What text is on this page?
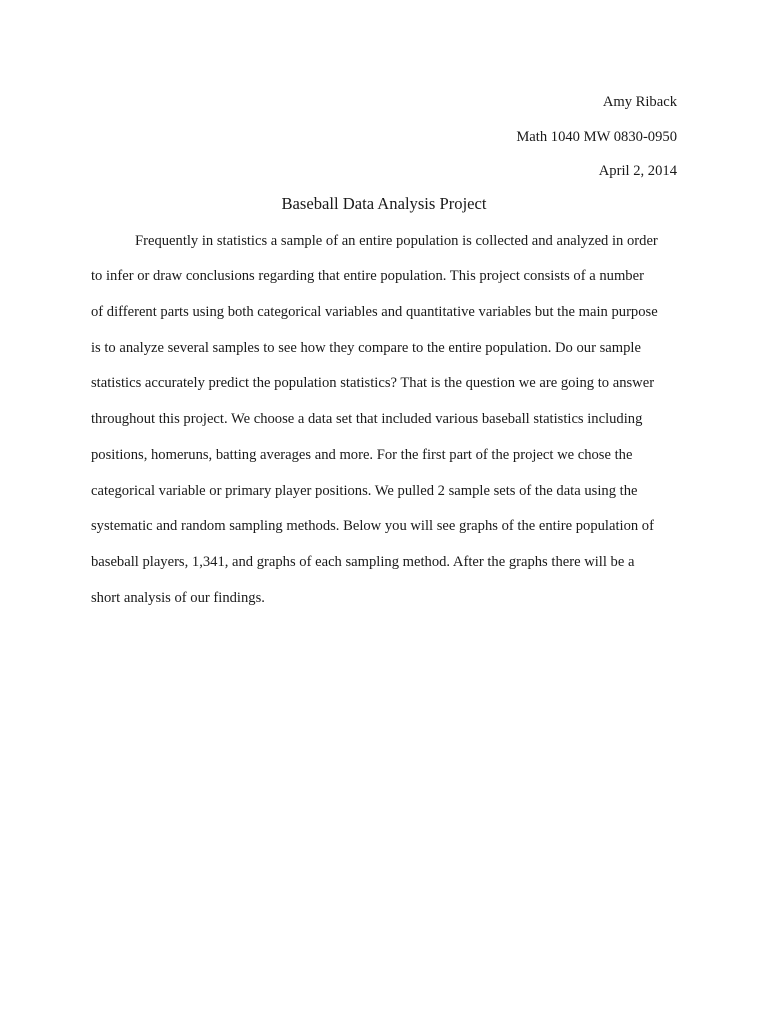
Amy Riback
Math 1040 MW 0830-0950
April 2, 2014
Baseball Data Analysis Project
Frequently in statistics a sample of an entire population is collected and analyzed in order
to infer or draw conclusions regarding that entire population. This project consists of a number
of different parts using both categorical variables and quantitative variables but the main purpose
is to analyze several samples to see how they compare to the entire population. Do our sample
statistics accurately predict the population statistics? That is the question we are going to answer
throughout this project. We choose a data set that included various baseball statistics including
positions, homeruns, batting averages and more. For the first part of the project we chose the
categorical variable or primary player positions. We pulled 2 sample sets of the data using the
systematic and random sampling methods. Below you will see graphs of the entire population of
baseball players, 1,341, and graphs of each sampling method. After the graphs there will be a
short analysis of our findings.
